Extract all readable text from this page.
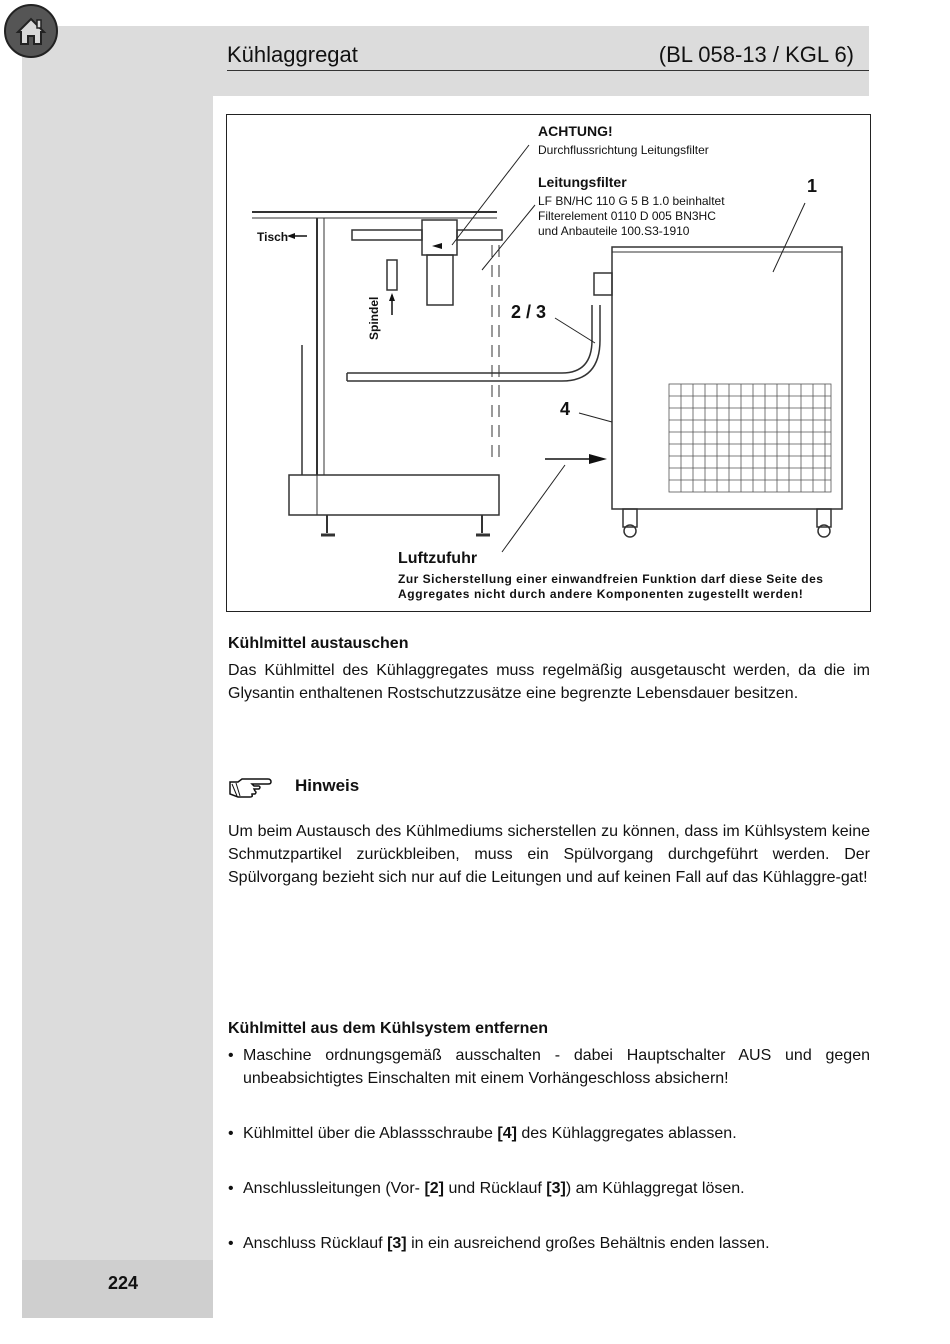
Kühlaggregat	(BL 058-13 / KGL 6)
ACHTUNG!
Durchflussrichtung Leitungsfilter
Leitungsfilter
LF BN/HC 110 G 5 B 1.0 beinhaltet
Filterelement 0110 D 005 BN3HC
und Anbauteile 100.S3-1910
1
2 / 3
4
Tisch
Spindel
Luftzufuhr
Zur Sicherstellung einer einwandfreien Funktion darf diese Seite des
Aggregates nicht durch andere Komponenten zugestellt werden!
Kühlmittel austauschen
Das Kühlmittel des Kühlaggregates muss regelmäßig ausgetauscht werden, da die im Glysantin enthaltenen Rostschutzzusätze eine begrenzte Lebensdauer besitzen.
Hinweis
Um beim Austausch des Kühlmediums sicherstellen zu können, dass im Kühlsystem keine Schmutzpartikel zurückbleiben, muss ein Spülvorgang durchgeführt werden. Der Spülvorgang bezieht sich nur auf die Leitungen und auf keinen Fall auf das Kühlaggre-gat!
Kühlmittel aus dem Kühlsystem entfernen
• Maschine ordnungsgemäß ausschalten - dabei Hauptschalter AUS und gegen unbeabsichtigtes Einschalten mit einem Vorhängeschloss absichern!
• Kühlmittel über die Ablassschraube [4] des Kühlaggregates ablassen.
• Anschlussleitungen (Vor- [2] und Rücklauf [3]) am Kühlaggregat lösen.
• Anschluss Rücklauf [3] in ein ausreichend großes Behältnis enden lassen.
224
